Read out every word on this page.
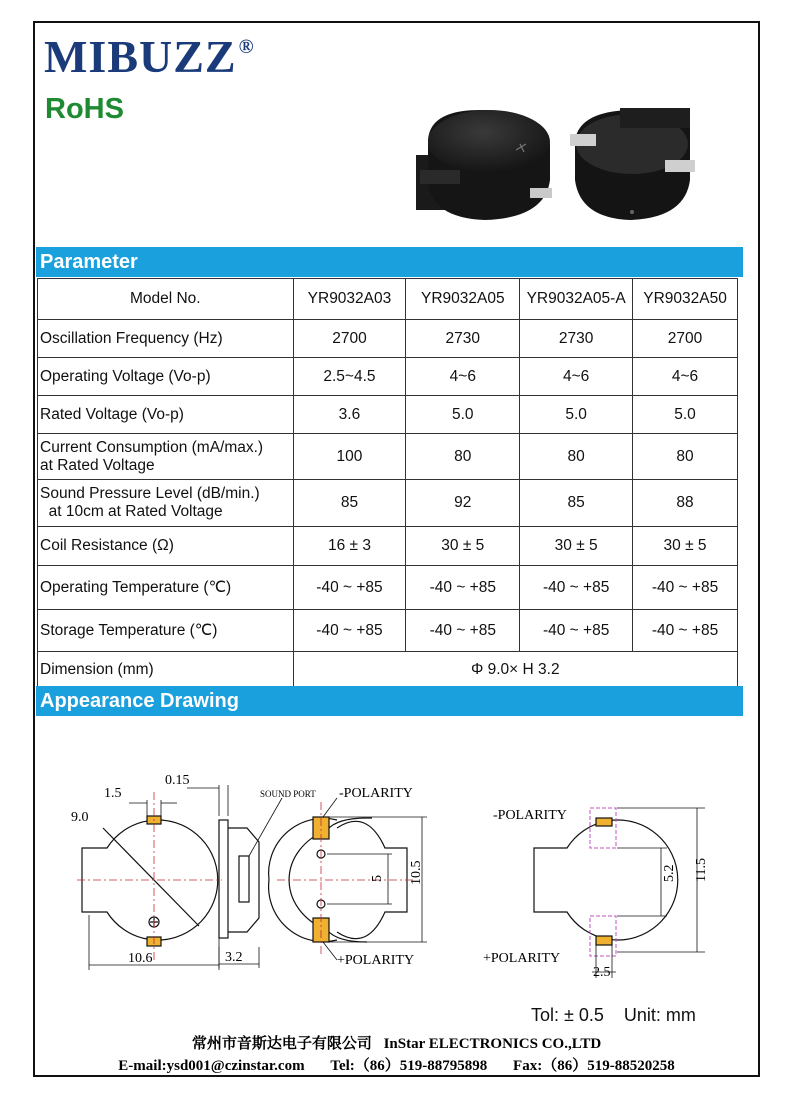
MIBUZZ ®
RoHS
Parameter
Model No.	YR9032A03	YR9032A05	YR9032A05-A	YR9032A50
Oscillation Frequency (Hz)	2700	2730	2730	2700
Operating Voltage (Vo-p)	2.5~4.5	4~6	4~6	4~6
Rated Voltage (Vo-p)	3.6	5.0	5.0	5.0

Current Consumption (mA/max.)
at Rated Voltage	100	80	80	80

Sound Pressure Level (dB/min.)
at 10cm at Rated Voltage	85	92	85	88
Coil Resistance (Ω)	16 ± 3	30 ± 5	30 ± 5	30 ± 5
Operating Temperature (℃)	-40 ~ +85	-40 ~ +85	-40 ~ +85	-40 ~ +85
Storage Temperature (℃)	-40 ~ +85	-40 ~ +85	-40 ~ +85	-40 ~ +85
Dimension (mm)	Φ 9.0× H 3.2			
Appearance Drawing
1.5
9.0
10.6
0.15
3.2
SOUND PORT -POLARITY
+POLARITY
10.5
5
-POLARITY
+POLARITY
5.2 11.5
2.5
Tol: ± 0.5    Unit: mm
常州市音斯达电子有限公司 InStar ELECTRONICS CO.,LTD
E-mail:ysd001@czinstar.com Tel:（86）519-88795898 Fax:（86）519-88520258
